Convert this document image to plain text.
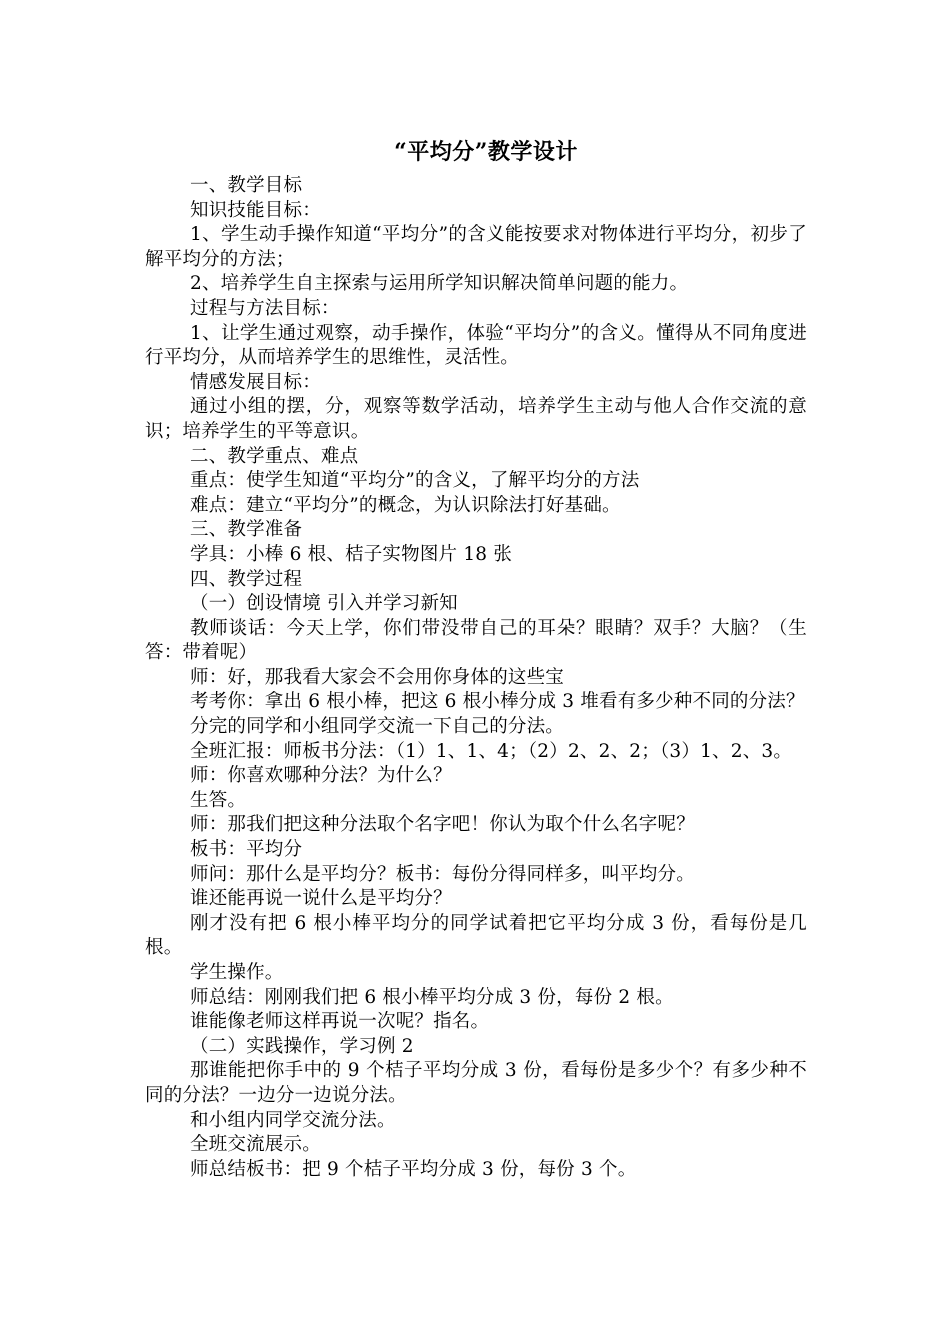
“平均分”教学设计

一、教学目标

知识技能目标：

1、学生动手操作知道“平均分”的含义能按要求对物体进行平均分，初步了解平均分的方法；

2、培养学生自主探索与运用所学知识解决简单问题的能力。

过程与方法目标：

1、让学生通过观察，动手操作，体验“平均分”的含义。懂得从不同角度进行平均分，从而培养学生的思维性，灵活性。

情感发展目标：

通过小组的摆，分，观察等数学活动，培养学生主动与他人合作交流的意识；培养学生的平等意识。

二、教学重点、难点

重点：使学生知道“平均分”的含义，了解平均分的方法

难点：建立“平均分”的概念，为认识除法打好基础。

三、教学准备

学具：小棒 6 根、桔子实物图片 18 张

四、教学过程

（一）创设情境 引入并学习新知

教师谈话：今天上学，你们带没带自己的耳朵？眼睛？双手？大脑？（生答：带着呢）

师：好，那我看大家会不会用你身体的这些宝

考考你：拿出 6 根小棒，把这 6 根小棒分成 3 堆看有多少种不同的分法？

分完的同学和小组同学交流一下自己的分法。

全班汇报：师板书分法：（1）1、1、4；（2）2、2、2；（3）1、2、3。

师：你喜欢哪种分法？为什么？

生答。

师：那我们把这种分法取个名字吧！你认为取个什么名字呢？

板书：平均分

师问：那什么是平均分？板书：每份分得同样多，叫平均分。

谁还能再说一说什么是平均分？

刚才没有把 6 根小棒平均分的同学试着把它平均分成 3 份，看每份是几根。

学生操作。

师总结：刚刚我们把 6 根小棒平均分成 3 份，每份 2 根。

谁能像老师这样再说一次呢？指名。

（二）实践操作，学习例 2

那谁能把你手中的 9 个桔子平均分成 3 份，看每份是多少个？有多少种不同的分法？一边分一边说分法。

和小组内同学交流分法。

全班交流展示。

师总结板书：把 9 个桔子平均分成 3 份，每份 3 个。
